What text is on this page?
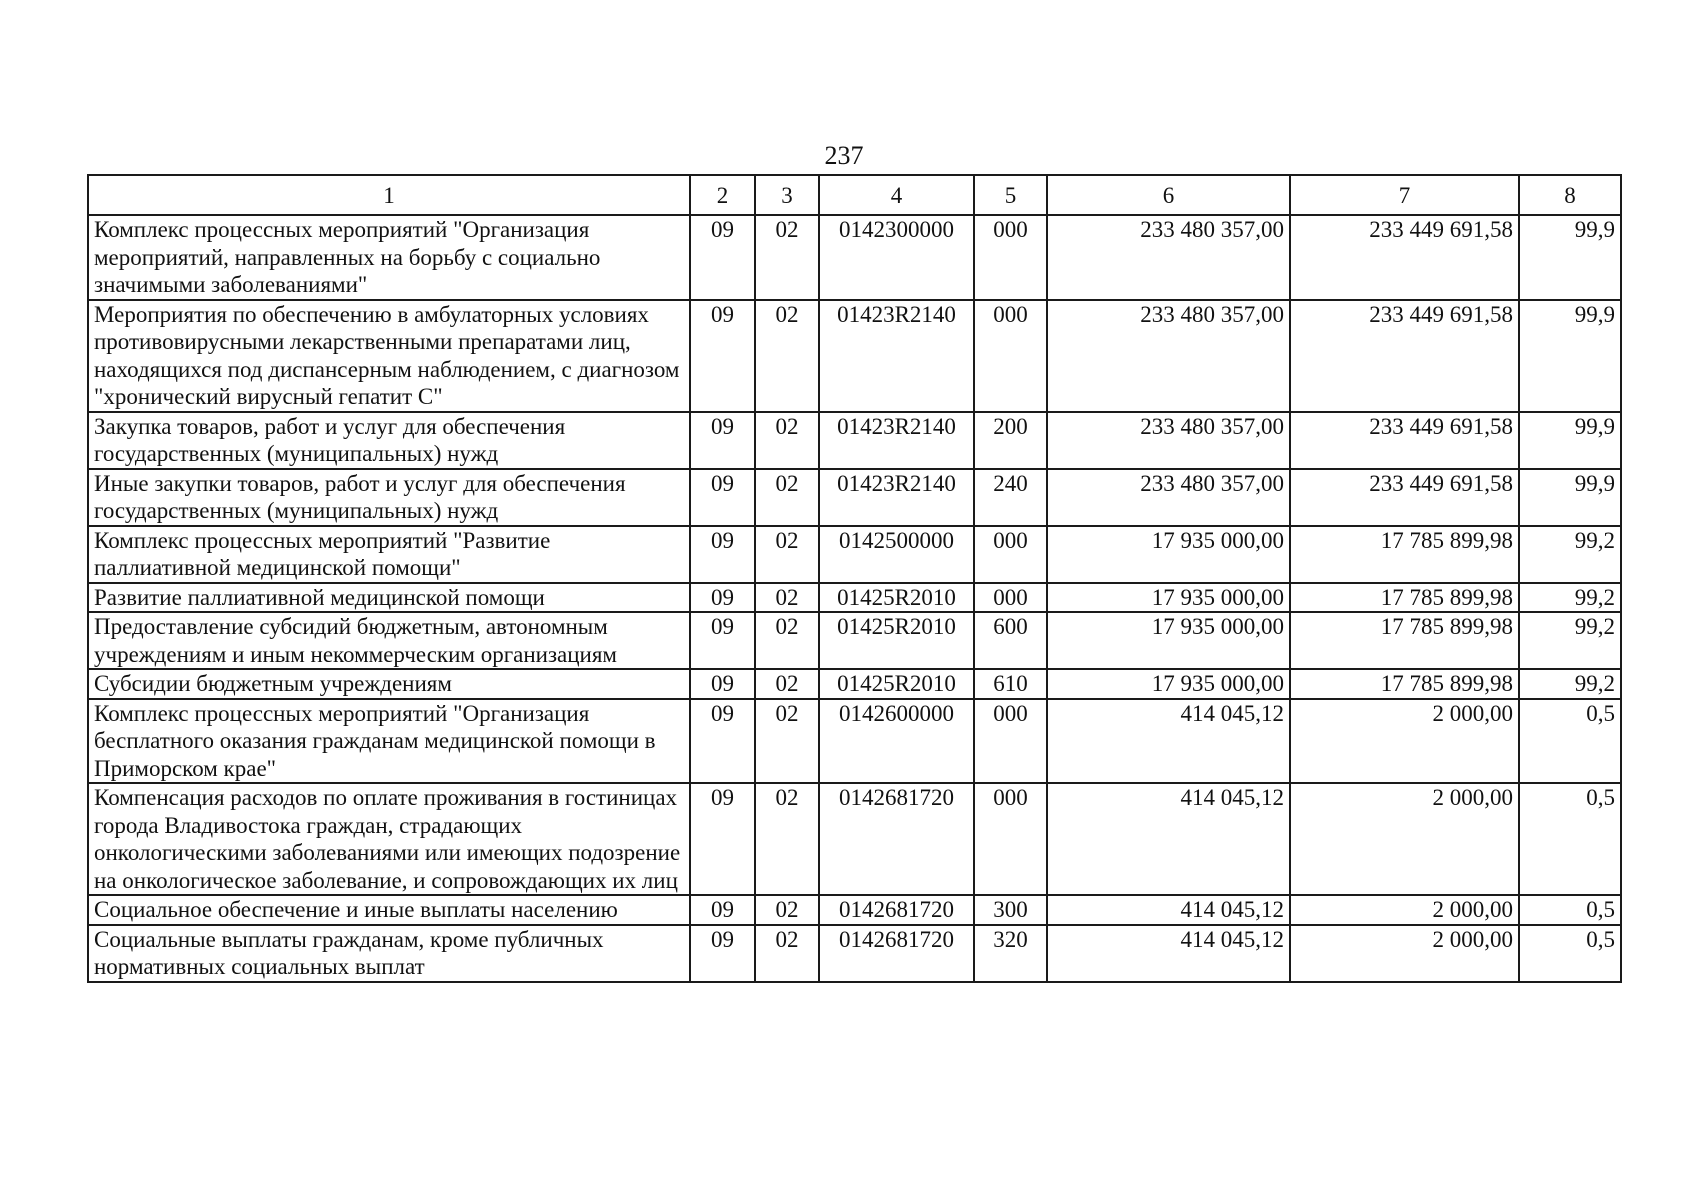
237
1	2	3	4	5	6	7	8
Комплекс процессных мероприятий "Организация мероприятий, направленных на борьбу с социально значимыми заболеваниями"	09	02	0142300000	000	233 480 357,00	233 449 691,58	99,9
Мероприятия по обеспечению в амбулаторных условиях противовирусными лекарственными препаратами лиц, находящихся под диспансерным наблюдением, с диагнозом "хронический вирусный гепатит С"	09	02	01423R2140	000	233 480 357,00	233 449 691,58	99,9
Закупка товаров, работ и услуг для обеспечения государственных (муниципальных) нужд	09	02	01423R2140	200	233 480 357,00	233 449 691,58	99,9
Иные закупки товаров, работ и услуг для обеспечения государственных (муниципальных) нужд	09	02	01423R2140	240	233 480 357,00	233 449 691,58	99,9
Комплекс процессных мероприятий "Развитие паллиативной медицинской помощи"	09	02	0142500000	000	17 935 000,00	17 785 899,98	99,2
Развитие паллиативной медицинской помощи	09	02	01425R2010	000	17 935 000,00	17 785 899,98	99,2
Предоставление субсидий бюджетным, автономным учреждениям и иным некоммерческим организациям	09	02	01425R2010	600	17 935 000,00	17 785 899,98	99,2
Субсидии бюджетным учреждениям	09	02	01425R2010	610	17 935 000,00	17 785 899,98	99,2
Комплекс процессных мероприятий "Организация бесплатного оказания гражданам медицинской помощи в Приморском крае"	09	02	0142600000	000	414 045,12	2 000,00	0,5
Компенсация расходов по оплате проживания в гостиницах города Владивостока граждан, страдающих онкологическими заболеваниями или имеющих подозрение на онкологическое заболевание, и сопровождающих их лиц	09	02	0142681720	000	414 045,12	2 000,00	0,5
Социальное обеспечение и иные выплаты населению	09	02	0142681720	300	414 045,12	2 000,00	0,5
Социальные выплаты гражданам, кроме публичных нормативных социальных выплат	09	02	0142681720	320	414 045,12	2 000,00	0,5
